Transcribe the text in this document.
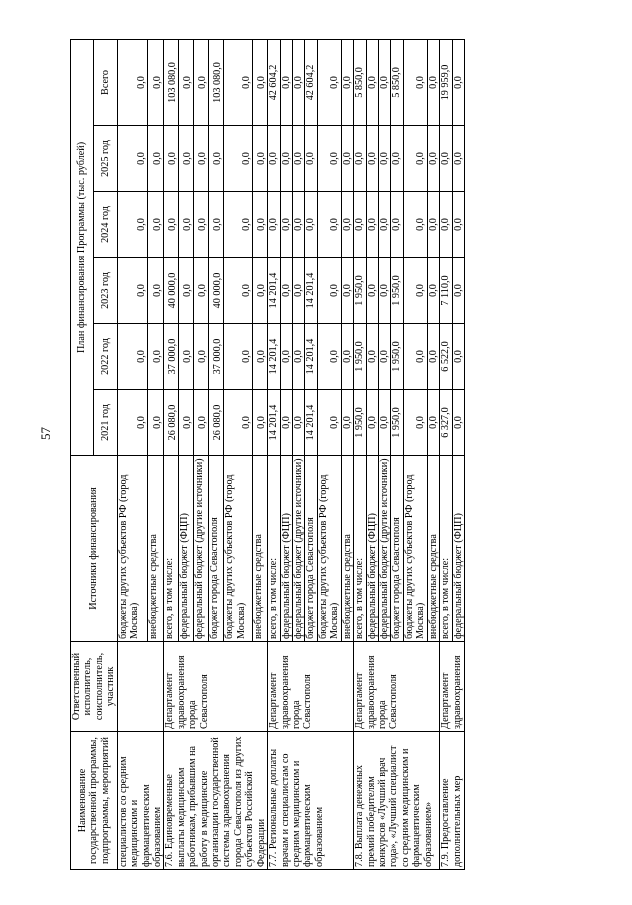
57
Наименование государственной программы, подпрограммы, мероприятий	Ответственный исполнитель, соисполнитель, участник	Источники финансирования	План финансирования Программы (тыс. рублей)					
			2021 год	2022 год	2023 год	2024 год	2025 год	Всего
специалистов со средним медицинским и фармацевтическим образованием		бюджеты других субъектов РФ (город Москва)	0,0	0,0	0,0	0,0	0,0	0,0
		внебюджетные средства	0,0	0,0	0,0	0,0	0,0	0,0
7.6. Единовременные выплаты медицинским работникам, прибывшим на работу в медицинские организации государственной системы здравоохранения города Севастополя из других субъектов Российской Федерации	Департамент здравоохранения города Севастополя	всего, в том числе:	26 080,0	37 000,0	40 000,0	0,0	0,0	103 080,0
		федеральный бюджет (ФЦП)	0,0	0,0	0,0	0,0	0,0	0,0
		федеральный бюджет (другие источники)	0,0	0,0	0,0	0,0	0,0	0,0
		бюджет города Севастополя	26 080,0	37 000,0	40 000,0	0,0	0,0	103 080,0
		бюджеты других субъектов РФ (город Москва)	0,0	0,0	0,0	0,0	0,0	0,0
		внебюджетные средства	0,0	0,0	0,0	0,0	0,0	0,0
7.7. Региональные доплаты врачам и специалистам со средним медицинским и фармацевтическим образованием	Департамент здравоохранения города Севастополя	всего, в том числе:	14 201,4	14 201,4	14 201,4	0,0	0,0	42 604,2
		федеральный бюджет (ФЦП)	0,0	0,0	0,0	0,0	0,0	0,0
		федеральный бюджет (другие источники)	0,0	0,0	0,0	0,0	0,0	0,0
		бюджет города Севастополя	14 201,4	14 201,4	14 201,4	0,0	0,0	42 604,2
		бюджеты других субъектов РФ (город Москва)	0,0	0,0	0,0	0,0	0,0	0,0
		внебюджетные средства	0,0	0,0	0,0	0,0	0,0	0,0
7.8. Выплата денежных премий победителям конкурсов «Лучший врач года», «Лучший специалист со средним медицинским и фармацевтическим образованием»	Департамент здравоохранения города Севастополя	всего, в том числе:	1 950,0	1 950,0	1 950,0	0,0	0,0	5 850,0
		федеральный бюджет (ФЦП)	0,0	0,0	0,0	0,0	0,0	0,0
		федеральный бюджет (другие источники)	0,0	0,0	0,0	0,0	0,0	0,0
		бюджет города Севастополя	1 950,0	1 950,0	1 950,0	0,0	0,0	5 850,0
		бюджеты других субъектов РФ (город Москва)	0,0	0,0	0,0	0,0	0,0	0,0
		внебюджетные средства	0,0	0,0	0,0	0,0	0,0	0,0
7.9. Предоставление дополнительных мер	Департамент здравоохранения	всего, в том числе:	6 327,0	6 522,0	7 110,0	0,0	0,0	19 959,0
		федеральный бюджет (ФЦП)	0,0	0,0	0,0	0,0	0,0	0,0
